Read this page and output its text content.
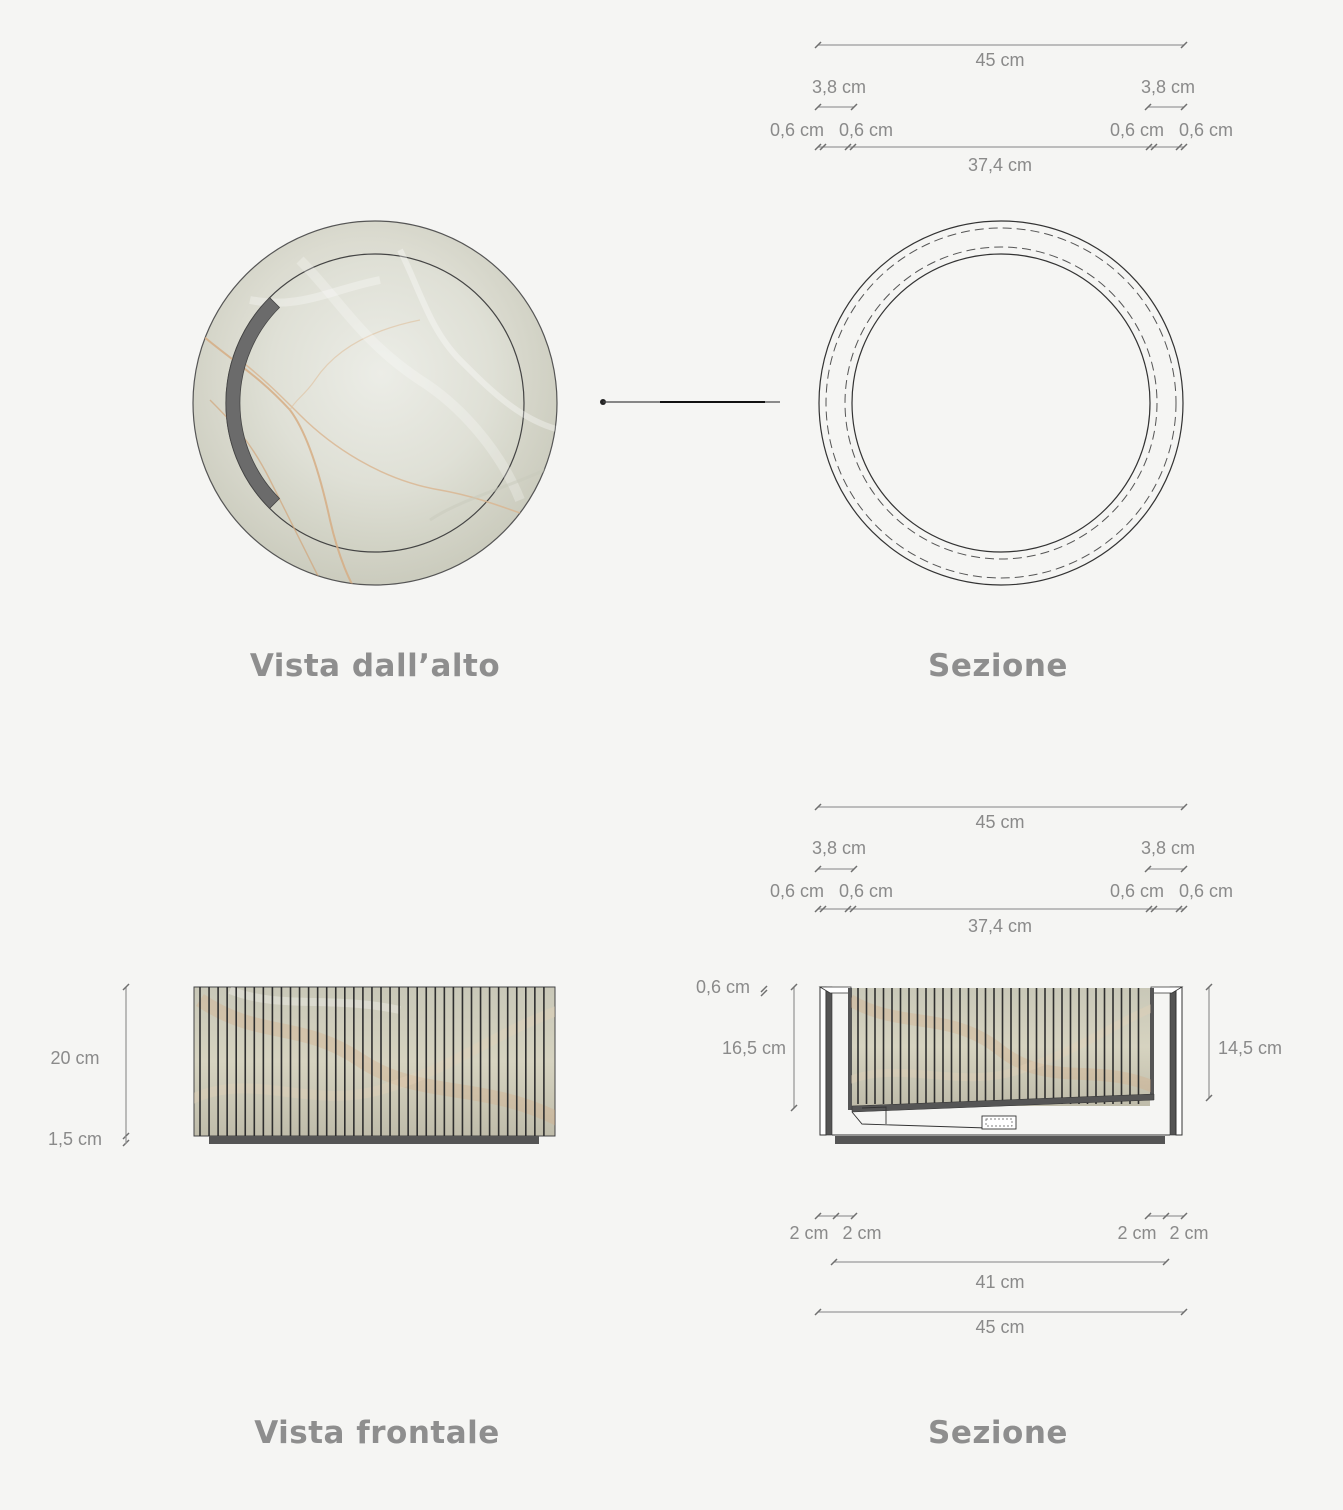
45 cm
3,8 cm	3,8 cm
0,6 cm 0,6 cm	0,6 cm 0,6 cm
37,4 cm
Vista dall’alto	Sezione
20 cm
1,5 cm
45 cm
3,8 cm	3,8 cm
0,6 cm 0,6 cm	0,6 cm 0,6 cm
37,4 cm
0,6 cm
16,5 cm	14,5 cm
2 cm 2 cm	2 cm 2 cm
41 cm
45 cm
Vista frontale	Sezione
